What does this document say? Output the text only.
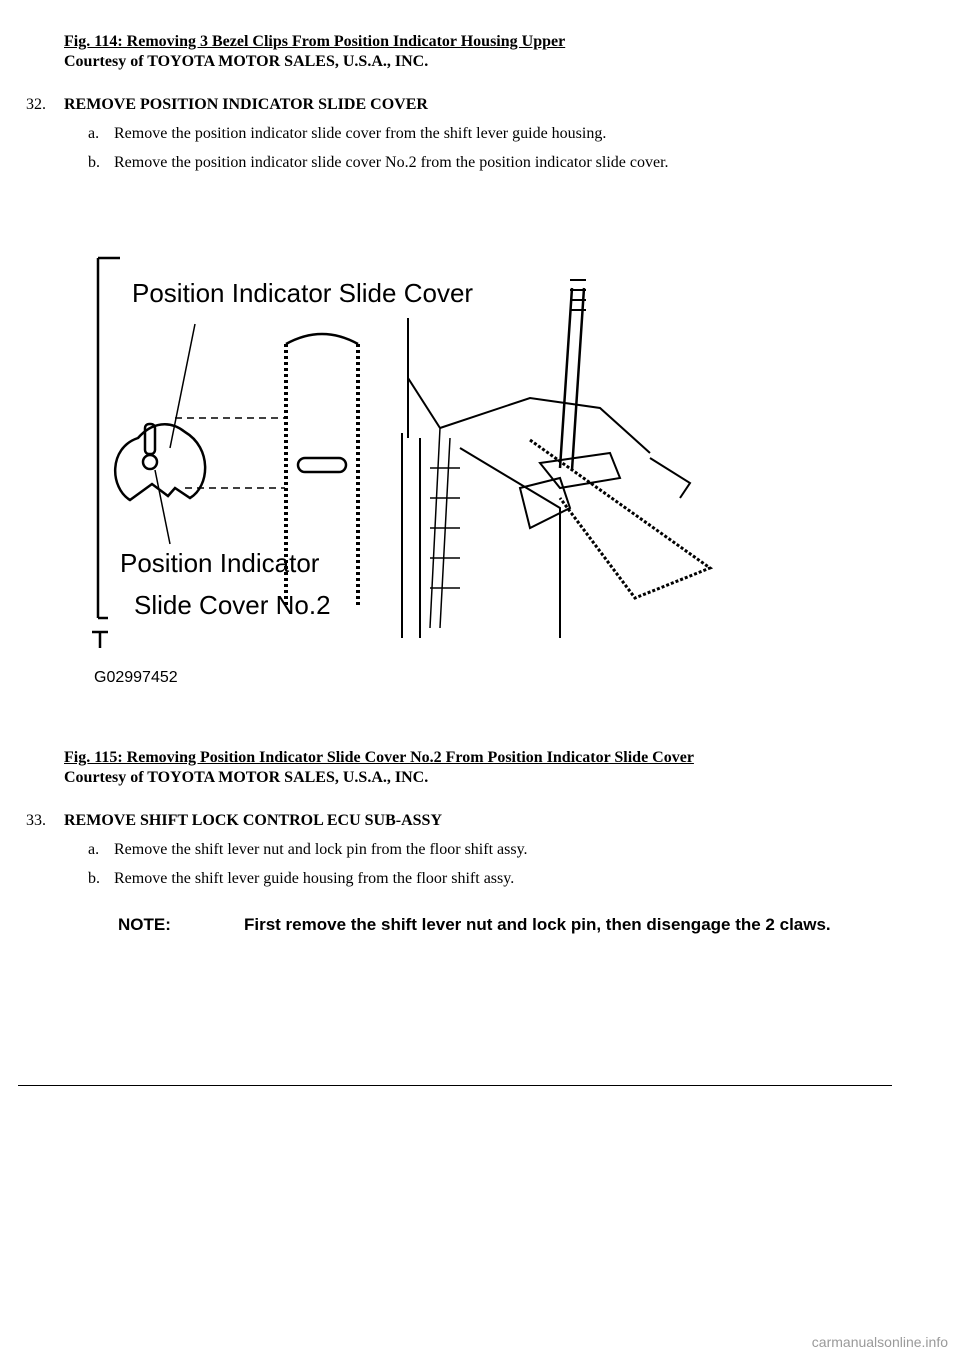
Fig. 114: Removing 3 Bezel Clips From Position Indicator Housing Upper
Courtesy of TOYOTA MOTOR SALES, U.S.A., INC.
32. REMOVE POSITION INDICATOR SLIDE COVER
a. Remove the position indicator slide cover from the shift lever guide housing.
b. Remove the position indicator slide cover No.2 from the position indicator slide cover.
Position Indicator Slide Cover
Position Indicator
Slide Cover No.2
G02997452
Fig. 115: Removing Position Indicator Slide Cover No.2 From Position Indicator Slide Cover
Courtesy of TOYOTA MOTOR SALES, U.S.A., INC.
33. REMOVE SHIFT LOCK CONTROL ECU SUB-ASSY
a. Remove the shift lever nut and lock pin from the floor shift assy.
b. Remove the shift lever guide housing from the floor shift assy.
NOTE:	First remove the shift lever nut and lock pin, then disengage the 2 claws.
carmanualsonline.info
